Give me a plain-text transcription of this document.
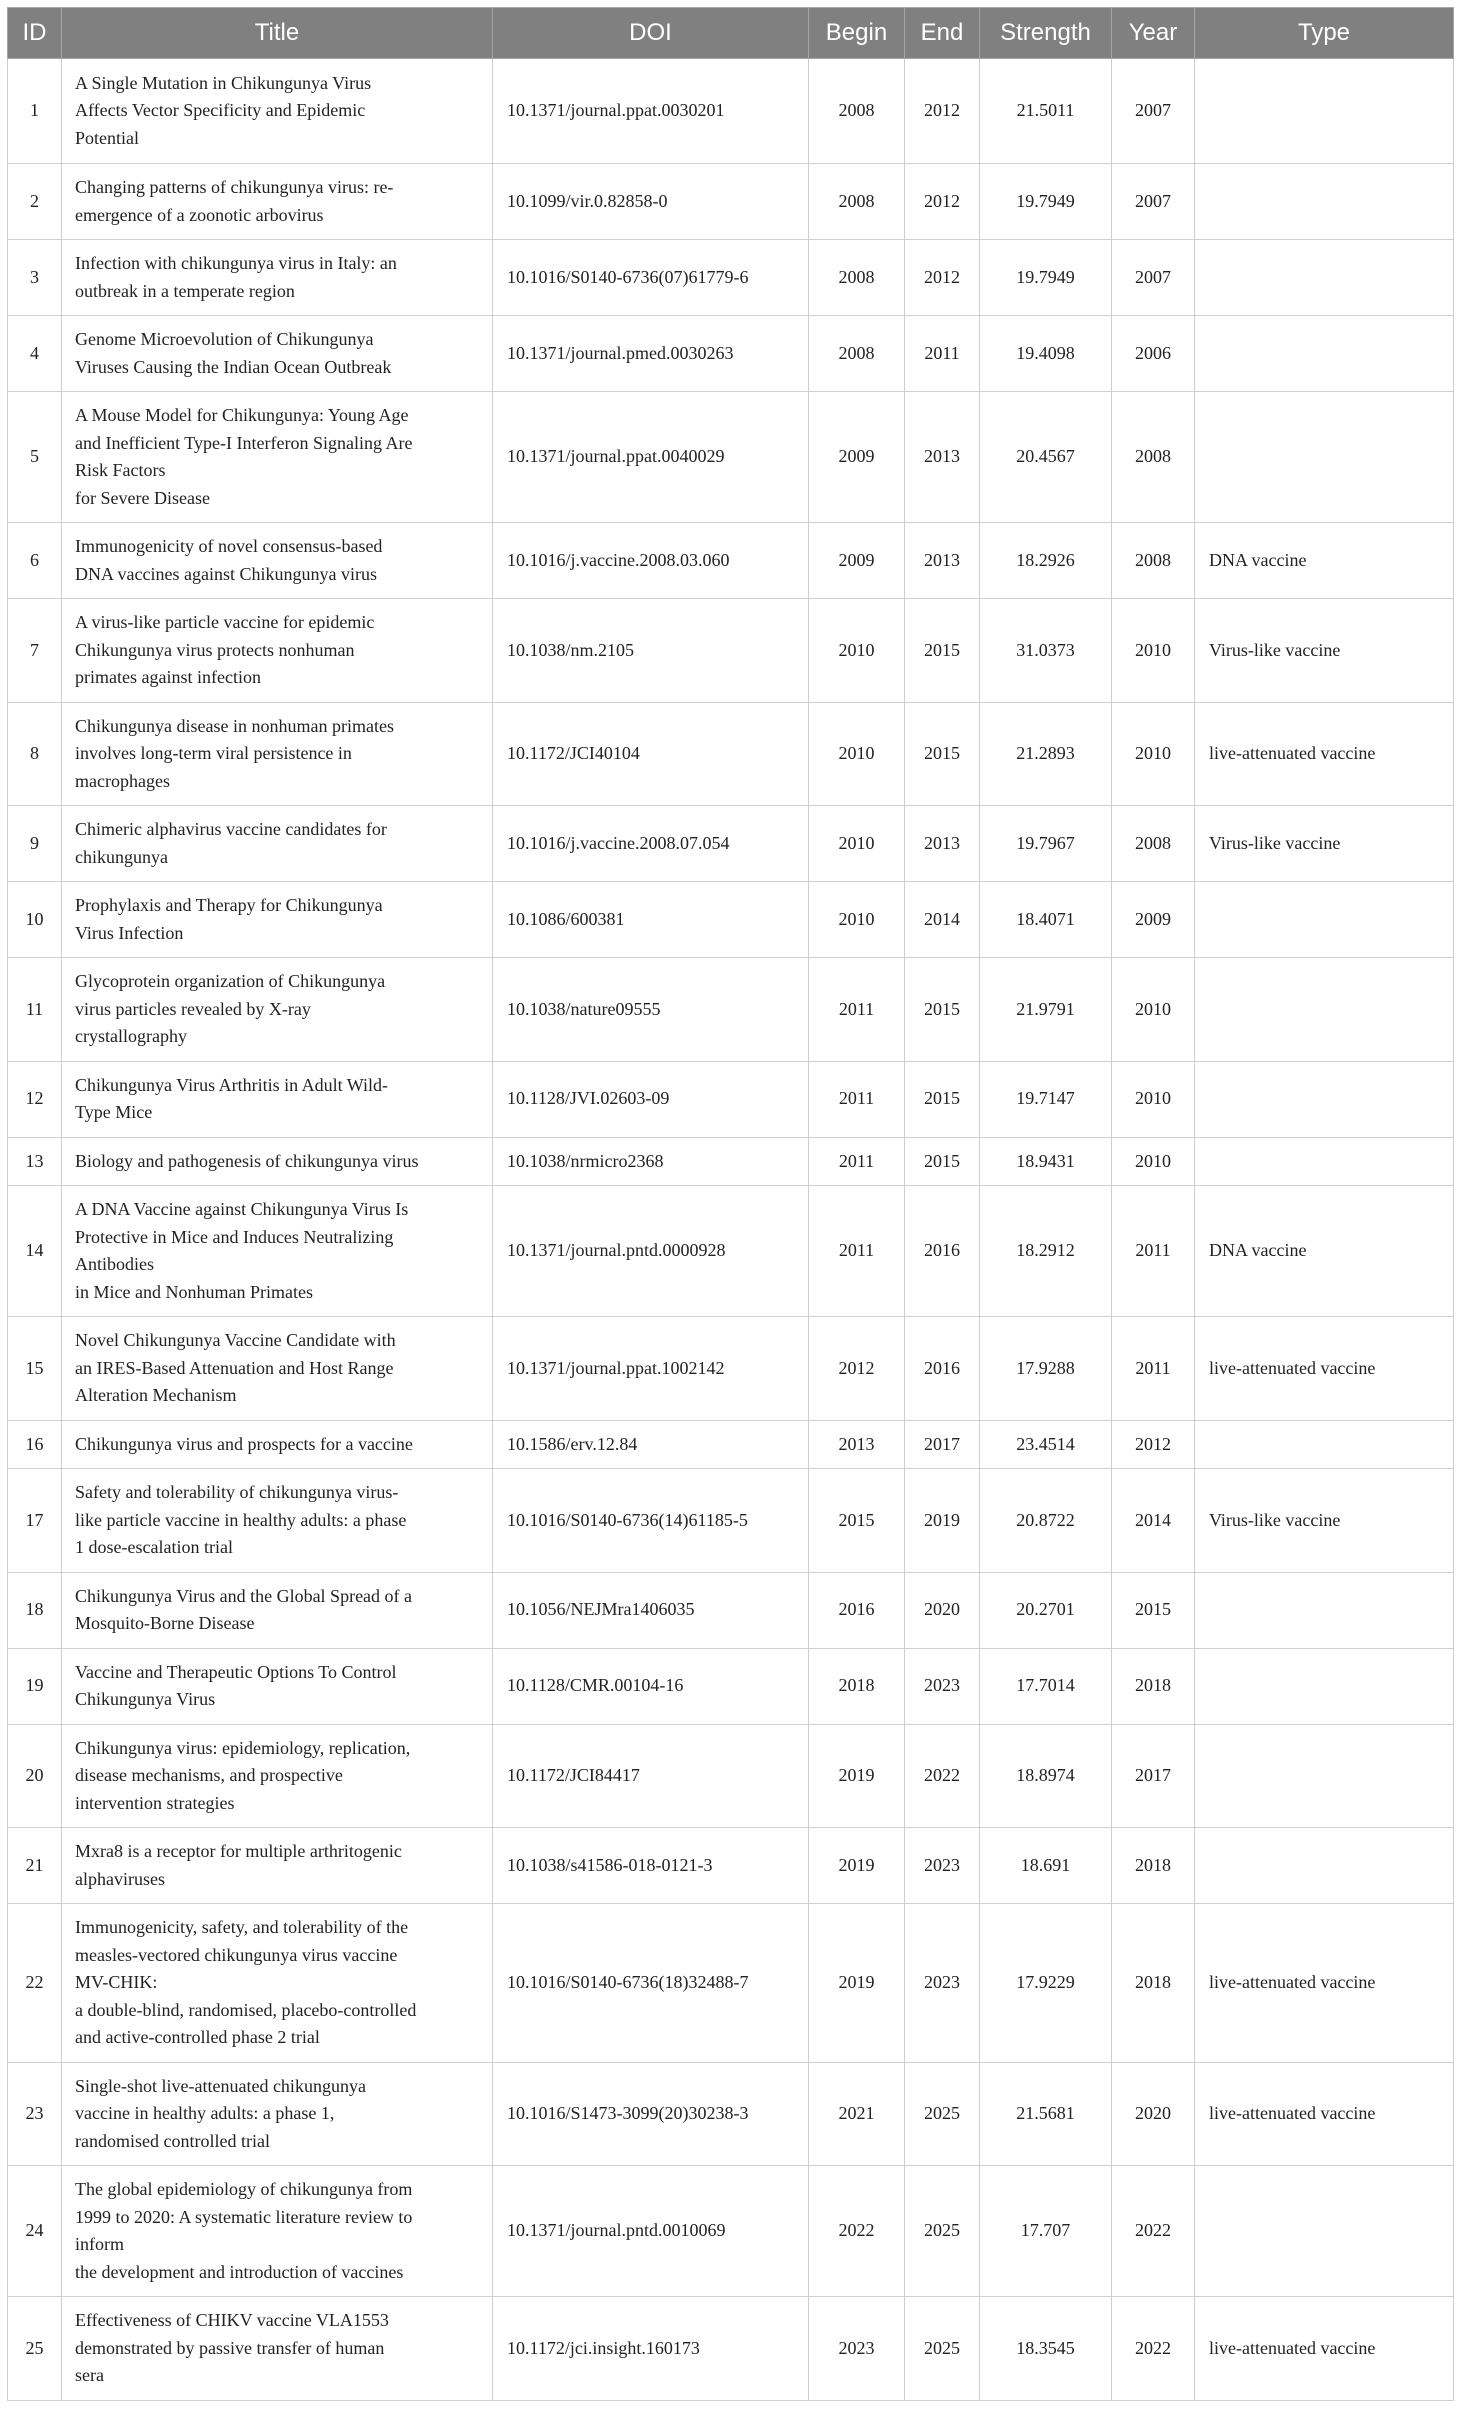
ID	Title	DOI	Begin	End	Strength	Year	Type
1	A Single Mutation in Chikungunya Virus
Affects Vector Specificity and Epidemic
Potential	10.1371/journal.ppat.0030201	2008	2012	21.5011	2007	
2	Changing patterns of chikungunya virus: re-
emergence of a zoonotic arbovirus	10.1099/vir.0.82858-0	2008	2012	19.7949	2007	
3	Infection with chikungunya virus in Italy: an
outbreak in a temperate region	10.1016/S0140-6736(07)61779-6	2008	2012	19.7949	2007	
4	Genome Microevolution of Chikungunya
Viruses Causing the Indian Ocean Outbreak	10.1371/journal.pmed.0030263	2008	2011	19.4098	2006	
5	A Mouse Model for Chikungunya: Young Age
and Inefficient Type-I Interferon Signaling Are
Risk Factors
for Severe Disease	10.1371/journal.ppat.0040029	2009	2013	20.4567	2008	
6	Immunogenicity of novel consensus-based
DNA vaccines against Chikungunya virus	10.1016/j.vaccine.2008.03.060	2009	2013	18.2926	2008	DNA vaccine
7	A virus-like particle vaccine for epidemic
Chikungunya virus protects nonhuman
primates against infection	10.1038/nm.2105	2010	2015	31.0373	2010	Virus-like vaccine
8	Chikungunya disease in nonhuman primates
involves long-term viral persistence in
macrophages	10.1172/JCI40104	2010	2015	21.2893	2010	live-attenuated vaccine
9	Chimeric alphavirus vaccine candidates for
chikungunya	10.1016/j.vaccine.2008.07.054	2010	2013	19.7967	2008	Virus-like vaccine
10	Prophylaxis and Therapy for Chikungunya
Virus Infection	10.1086/600381	2010	2014	18.4071	2009	
11	Glycoprotein organization of Chikungunya
virus particles revealed by X-ray
crystallography	10.1038/nature09555	2011	2015	21.9791	2010	
12	Chikungunya Virus Arthritis in Adult Wild-
Type Mice	10.1128/JVI.02603-09	2011	2015	19.7147	2010	
13	Biology and pathogenesis of chikungunya virus	10.1038/nrmicro2368	2011	2015	18.9431	2010	
14	A DNA Vaccine against Chikungunya Virus Is
Protective in Mice and Induces Neutralizing
Antibodies
in Mice and Nonhuman Primates	10.1371/journal.pntd.0000928	2011	2016	18.2912	2011	DNA vaccine
15	Novel Chikungunya Vaccine Candidate with
an IRES-Based Attenuation and Host Range
Alteration Mechanism	10.1371/journal.ppat.1002142	2012	2016	17.9288	2011	live-attenuated vaccine
16	Chikungunya virus and prospects for a vaccine	10.1586/erv.12.84	2013	2017	23.4514	2012	
17	Safety and tolerability of chikungunya virus-
like particle vaccine in healthy adults: a phase
1 dose-escalation trial	10.1016/S0140-6736(14)61185-5	2015	2019	20.8722	2014	Virus-like vaccine
18	Chikungunya Virus and the Global Spread of a
Mosquito-Borne Disease	10.1056/NEJMra1406035	2016	2020	20.2701	2015	
19	Vaccine and Therapeutic Options To Control
Chikungunya Virus	10.1128/CMR.00104-16	2018	2023	17.7014	2018	
20	Chikungunya virus: epidemiology, replication,
disease mechanisms, and prospective
intervention strategies	10.1172/JCI84417	2019	2022	18.8974	2017	
21	Mxra8 is a receptor for multiple arthritogenic
alphaviruses	10.1038/s41586-018-0121-3	2019	2023	18.691	2018	
22	Immunogenicity, safety, and tolerability of the
measles-vectored chikungunya virus vaccine
MV-CHIK:
a double-blind, randomised, placebo-controlled
and active-controlled phase 2 trial	10.1016/S0140-6736(18)32488-7	2019	2023	17.9229	2018	live-attenuated vaccine
23	Single-shot live-attenuated chikungunya
vaccine in healthy adults: a phase 1,
randomised controlled trial	10.1016/S1473-3099(20)30238-3	2021	2025	21.5681	2020	live-attenuated vaccine
24	The global epidemiology of chikungunya from
1999 to 2020: A systematic literature review to
inform
the development and introduction of vaccines	10.1371/journal.pntd.0010069	2022	2025	17.707	2022	
25	Effectiveness of CHIKV vaccine VLA1553
demonstrated by passive transfer of human
sera	10.1172/jci.insight.160173	2023	2025	18.3545	2022	live-attenuated vaccine
